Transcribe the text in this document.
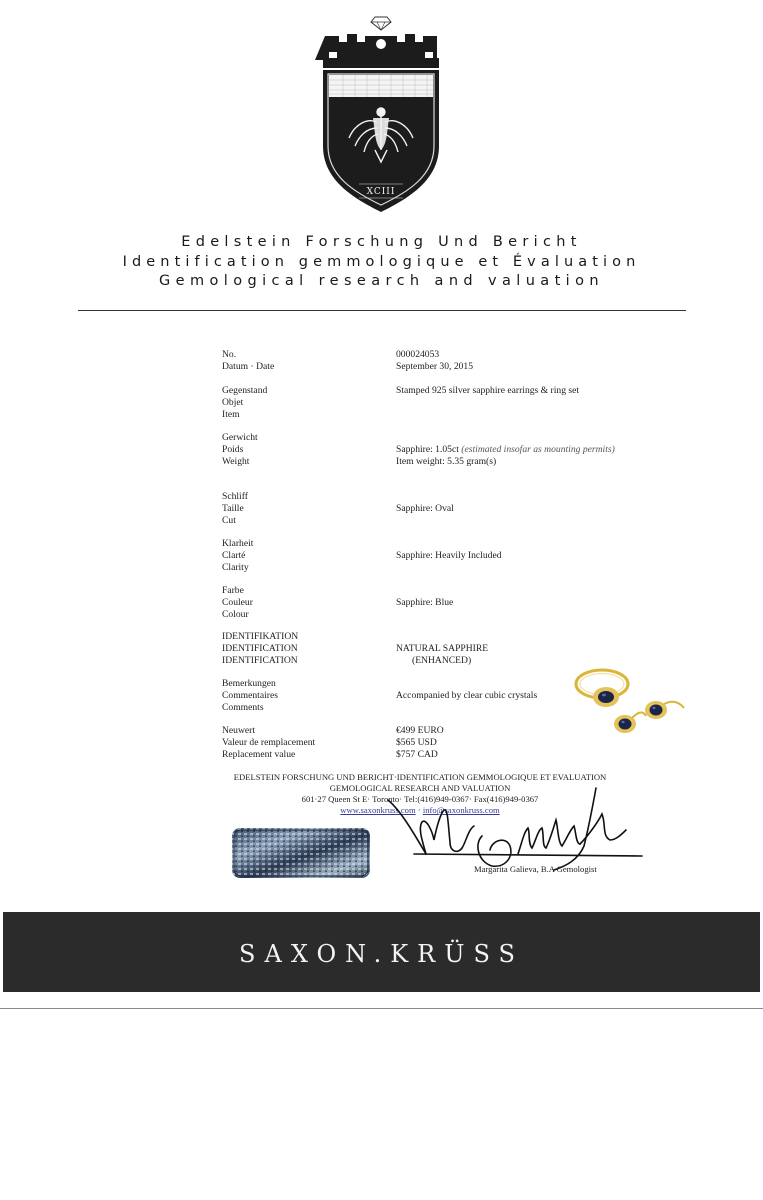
XCIII
Edelstein Forschung Und Bericht
Identification gemmologique et Évaluation
Gemological research and valuation
No.
Datum · Date
000024053
September 30, 2015
Gegenstand
Objet
Item
Stamped 925 silver sapphire earrings & ring set
Gerwicht
Poids
Weight
Sapphire: 1.05ct (estimated insofar as mounting permits)
Item weight: 5.35 gram(s)
Schliff
Taille
Cut
Sapphire: Oval
Klarheit
Clarté
Clarity
Sapphire: Heavily Included
Farbe
Couleur
Colour
Sapphire: Blue
IDENTIFIKATION
IDENTIFICATION
IDENTIFICATION
NATURAL SAPPHIRE
(ENHANCED)
Bemerkungen
Commentaires
Comments
Accompanied by clear cubic crystals
Neuwert
Valeur de remplacement
Replacement value
€499 EURO
$565 USD
$757 CAD
EDELSTEIN FORSCHUNG UND BERICHT·IDENTIFICATION GEMMOLOGIQUE ET EVALUATION
GEMOLOGICAL RESEARCH AND VALUATION
601·27 Queen St E· Toronto· Tel:(416)949-0367· Fax(416)949-0367
www.saxonkruss.com · info@saxonkruss.com
Margarita Galieva, B.A Gemologist
SAXON.KRÜSS
